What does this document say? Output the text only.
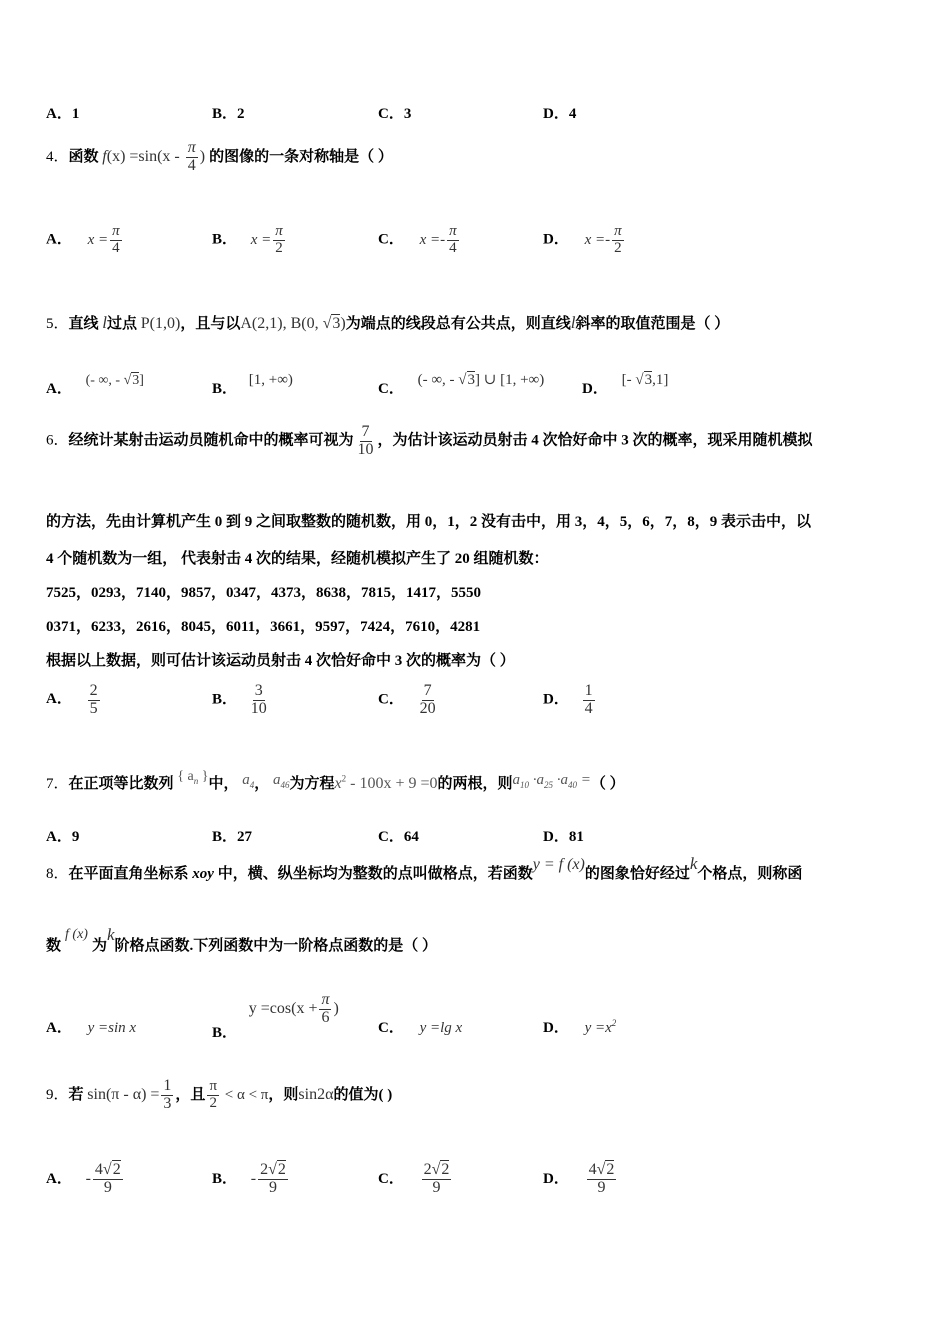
A．1	B．2	C．3	D．4
4．函数 $f(x) =\sin(x - \frac{\pi}{4}$ ) 的图像的一条对称轴是（ ）
A． $x = \frac{\pi}{4}$	B． $x = \frac{\pi}{2}$	C． $x =- \frac{\pi}{4}$	D． $x =- \frac{\pi}{2}$
5．直线 l过点 P(1,0)，且与以A(2,1), B(0, √3)为端点的线段总有公共点，则直线l斜率的取值范围是（ ）
A． (- ∞, - √3]
B． [1, +∞)
C． (- ∞, - √3] ∪ [1, +∞)
D． [- √3,1]
6．经统计某射击运动员随机命中的概率可视为 $\frac{7}{10}$ ，为估计该运动员射击 4 次恰好命中 3 次的概率，现采用随机模拟
的方法，先由计算机产生 0 到 9 之间取整数的随机数，用 0，1，2 没有击中，用 3，4，5，6，7，8，9 表示击中，以
4 个随机数为一组， 代表射击 4 次的结果，经随机模拟产生了 20 组随机数：
7525，0293，7140，9857，0347，4373，8638，7815，1417，5550
0371，6233，2616，8045，6011，3661，9597，7424，7610，4281
根据以上数据，则可估计该运动员射击 4 次恰好命中 3 次的概率为（ ）
A． $\frac{2}{5}$	B． $\frac{3}{10}$	C． $\frac{7}{20}$	D． $\frac{1}{4}$
7．在正项等比数列 { $a_n$ }中， $a_4$， $a_{46}$为方程$x^2 - 100x + 9 =0$的两根，则$a_{10} \cdot a_{25} \cdot a_{40}$ =（ ）
A．9	B．27	C．64	D．81
8．在平面直角坐标系 xoy 中，横、纵坐标均为整数的点叫做格点，若函数y = f (x)的图象恰好经过k个格点，则称函
数f (x)为k阶格点函数.下列函数中为一阶格点函数的是（ ）
A． y =sin x	B． $y =\cos(x + \frac{\pi}{6}$ )
C． y =lg x	D． $y =x^2$
9．若 $\sin(\pi - \alpha) = \frac{1}{3}$ ，且 $\frac{\pi}{2} < \alpha < \pi$，则sin2α的值为( )
A． - $\frac{4√2}{9}$	B． - $\frac{2√2}{9}$	C． $\frac{2√2}{9}$	D． $\frac{4√2}{9}$
